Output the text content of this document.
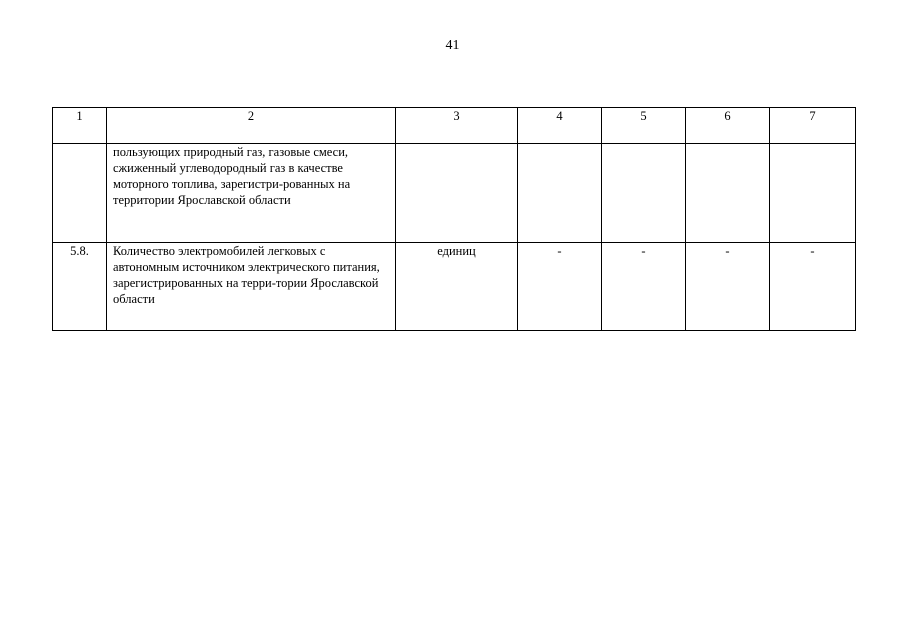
41
1	2	3	4	5	6	7
	пользующих природный газ, газовые смеси, сжиженный углеводородный газ в качестве моторного топлива, зарегистри-рованных на территории Ярославской области					
5.8.	Количество электромобилей легковых с автономным источником электрического питания, зарегистрированных на терри-тории Ярославской области	единиц	-	-	-	-
